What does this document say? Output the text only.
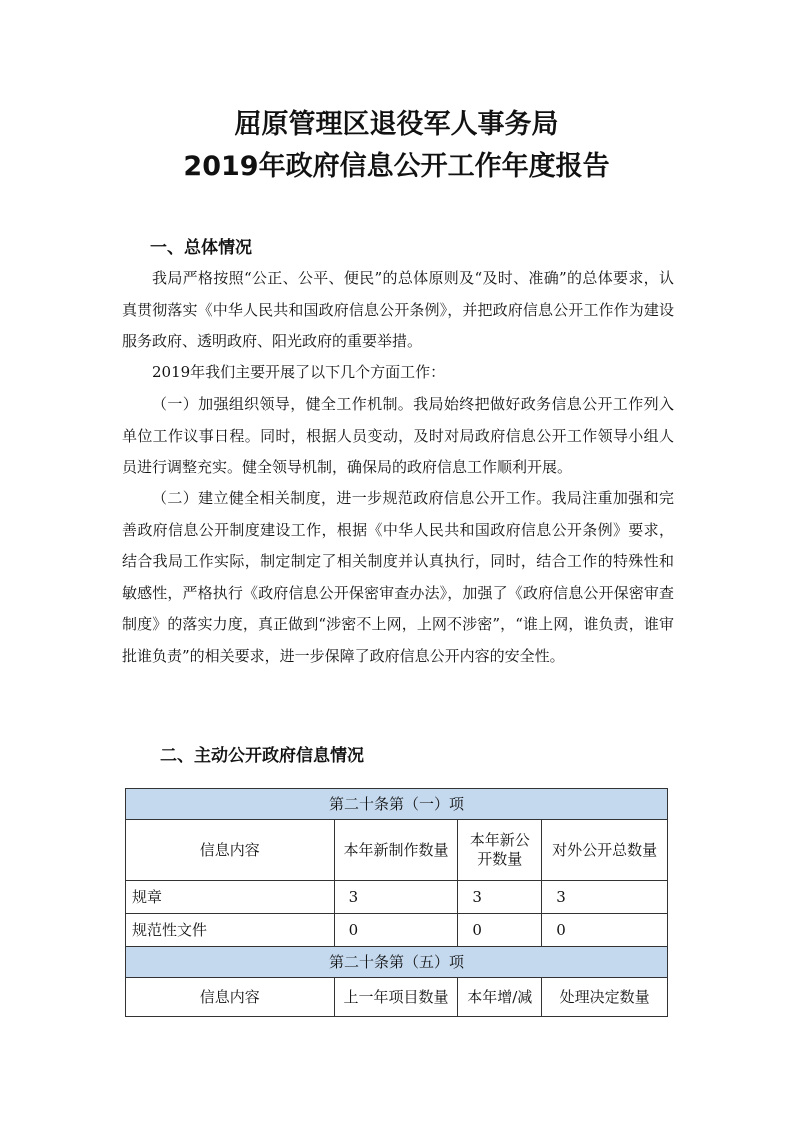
屈原管理区退役军人事务局
2019年政府信息公开工作年度报告
一、总体情况

我局严格按照“公正、公平、便民”的总体原则及“及时、准确”的总体要求，认真贯彻落实《中华人民共和国政府信息公开条例》，并把政府信息公开工作作为建设服务政府、透明政府、阳光政府的重要举措。

2019年我们主要开展了以下几个方面工作：

（一）加强组织领导，健全工作机制。我局始终把做好政务信息公开工作列入单位工作议事日程。同时，根据人员变动，及时对局政府信息公开工作领导小组人员进行调整充实。健全领导机制，确保局的政府信息工作顺利开展。

（二）建立健全相关制度，进一步规范政府信息公开工作。我局注重加强和完善政府信息公开制度建设工作，根据《中华人民共和国政府信息公开条例》要求，结合我局工作实际，制定制定了相关制度并认真执行，同时，结合工作的特殊性和敏感性，严格执行《政府信息公开保密审查办法》，加强了《政府信息公开保密审查制度》的落实力度，真正做到“涉密不上网，上网不涉密”，“谁上网，谁负责，谁审批谁负责”的相关要求，进一步保障了政府信息公开内容的安全性。

二、主动公开政府信息情况
第二十条第（一）项			
信息内容	本年新制作数量	本年新公开数量	对外公开总数量
规章	3	3	3
规范性文件	0	0	0
第二十条第（五）项			
信息内容	上一年项目数量	本年增/减	处理决定数量
